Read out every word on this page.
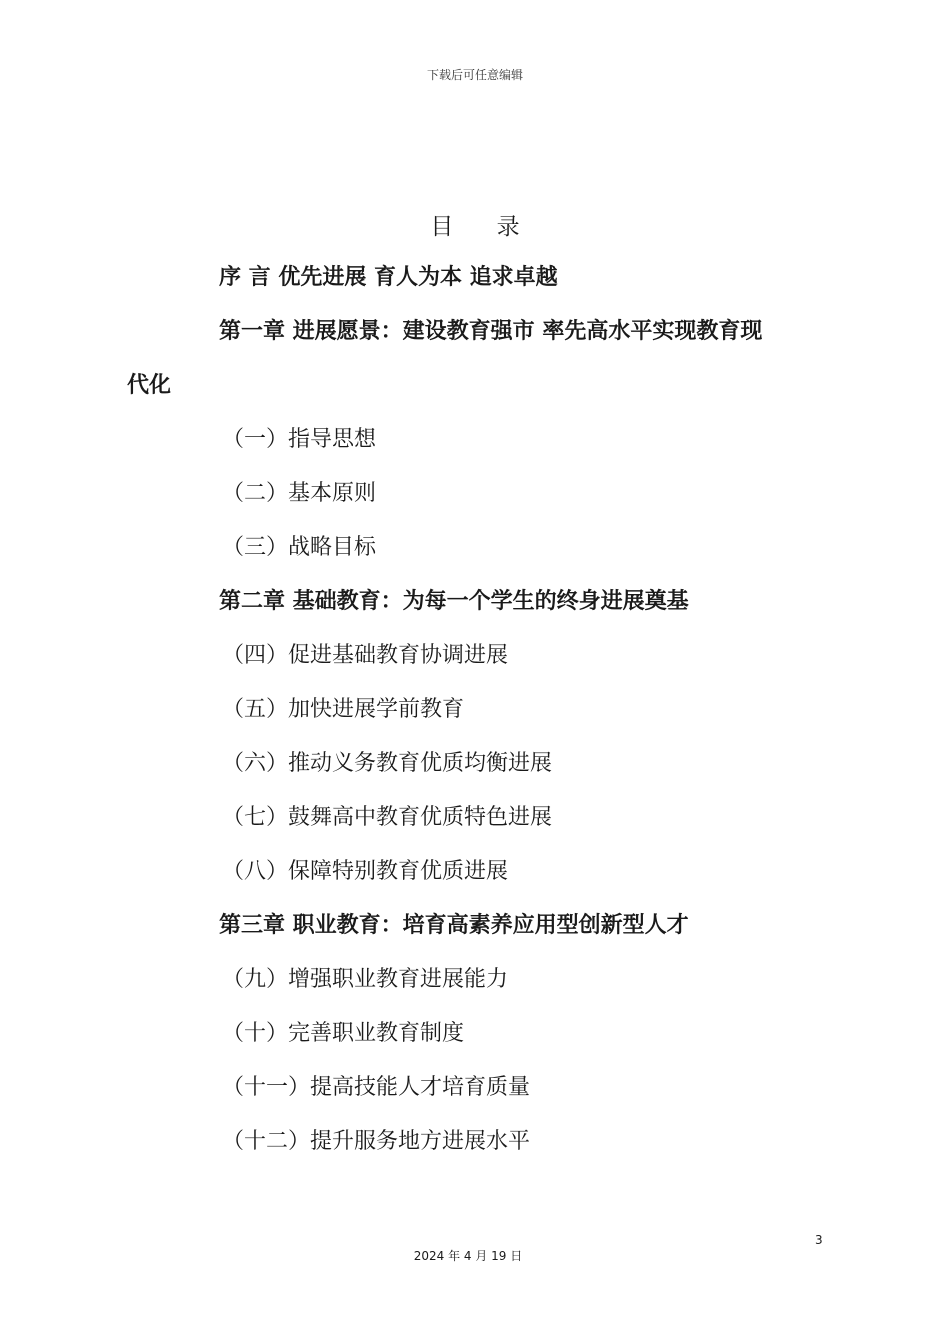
下载后可任意编辑
目 录
序 言 优先进展 育人为本 追求卓越
第一章 进展愿景：建设教育强市 率先高水平实现教育现
代化
（一）指导思想
（二）基本原则
（三）战略目标
第二章 基础教育：为每一个学生的终身进展奠基
（四）促进基础教育协调进展
（五）加快进展学前教育
（六）推动义务教育优质均衡进展
（七）鼓舞高中教育优质特色进展
（八）保障特别教育优质进展
第三章 职业教育：培育高素养应用型创新型人才
（九）增强职业教育进展能力
（十）完善职业教育制度
（十一）提高技能人才培育质量
（十二）提升服务地方进展水平
3
2024 年 4 月 19 日
